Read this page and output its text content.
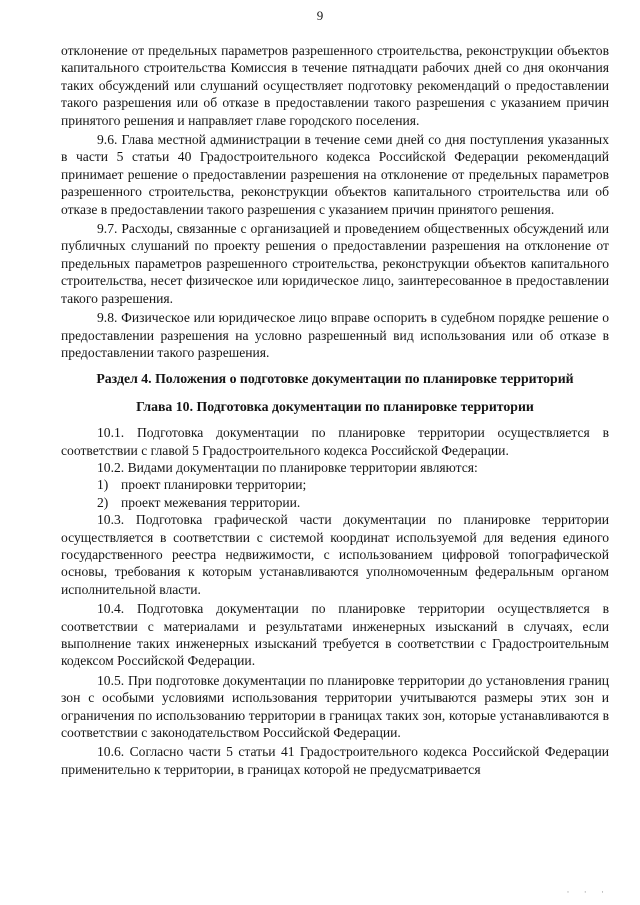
9

отклонение от предельных параметров разрешенного строительства, реконструкции объектов капитального строительства Комиссия в течение пятнадцати рабочих дней со дня окончания таких обсуждений или слушаний осуществляет подготовку рекомендаций о предоставлении такого разрешения или об отказе в предоставлении такого разрешения с указанием причин принятого решения и направляет главе городского поселения.

9.6. Глава местной администрации в течение семи дней со дня поступления указанных в части 5 статьи 40 Градостроительного кодекса Российской Федерации рекомендаций принимает решение о предоставлении разрешения на отклонение от предельных параметров разрешенного строительства, реконструкции объектов капитального строительства или об отказе в предоставлении такого разрешения с указанием причин принятого решения.

9.7. Расходы, связанные с организацией и проведением общественных обсуждений или публичных слушаний по проекту решения о предоставлении разрешения на отклонение от предельных параметров разрешенного строительства, реконструкции объектов капитального строительства, несет физическое или юридическое лицо, заинтересованное в предоставлении такого разрешения.

9.8. Физическое или юридическое лицо вправе оспорить в судебном порядке решение о предоставлении разрешения на условно разрешенный вид использования или об отказе в предоставлении такого разрешения.

Раздел 4. Положения о подготовке документации по планировке территорий
Глава 10. Подготовка документации по планировке территории

10.1. Подготовка документации по планировке территории осуществляется в соответствии с главой 5 Градостроительного кодекса Российской Федерации.

10.2. Видами документации по планировке территории являются:

1) проект планировки территории;
2) проект межевания территории.

10.3. Подготовка графической части документации по планировке территории осуществляется в соответствии с системой координат используемой для ведения единого государственного реестра недвижимости, с использованием цифровой топографической основы, требования к которым устанавливаются уполномоченным федеральным органом исполнительной власти.

10.4. Подготовка документации по планировке территории осуществляется в соответствии с материалами и результатами инженерных изысканий в случаях, если выполнение таких инженерных изысканий требуется в соответствии с Градостроительным кодексом Российской Федерации.

10.5. При подготовке документации по планировке территории до установления границ зон с особыми условиями использования территории учитываются размеры этих зон и ограничения по использованию территории в границах таких зон, которые устанавливаются в соответствии с законодательством Российской Федерации.

10.6. Согласно части 5 статьи 41 Градостроительного кодекса Российской Федерации применительно к территории, в границах которой не предусматривается

· · ·
